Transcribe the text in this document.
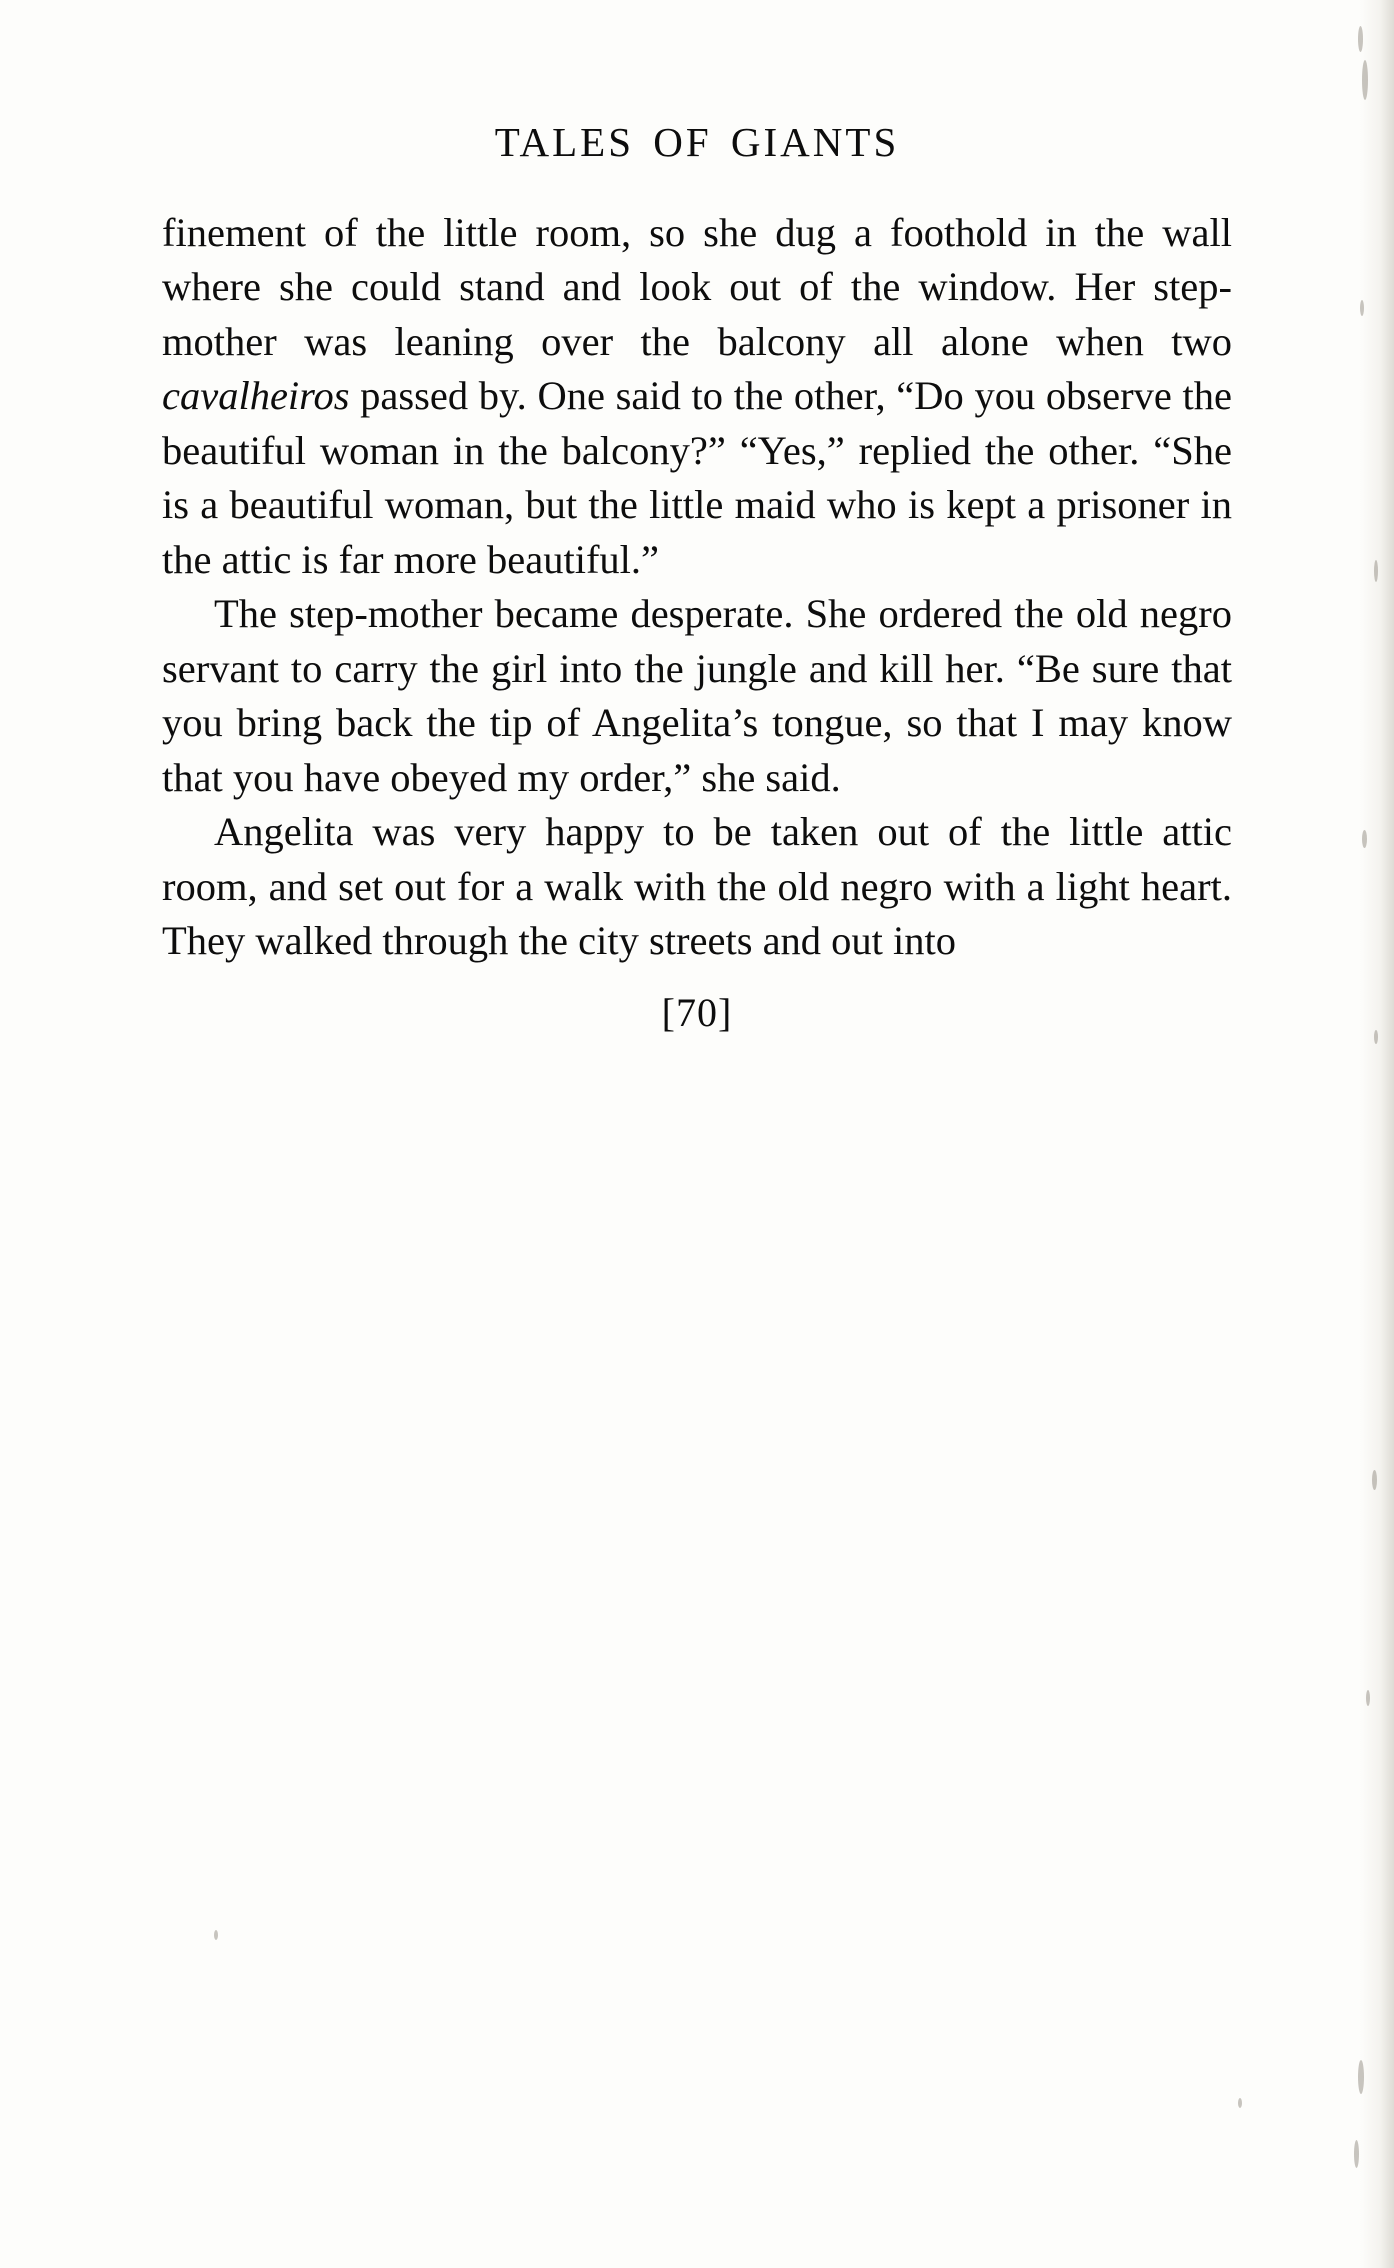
TALES OF GIANTS

finement of the little room, so she dug a foothold in the wall where she could stand and look out of the window. Her step-mother was leaning over the balcony all alone when two cavalheiros passed by. One said to the other, “Do you observe the beautiful woman in the balcony?” “Yes,” replied the other. “She is a beautiful woman, but the little maid who is kept a prisoner in the attic is far more beautiful.”

The step-mother became desperate. She ordered the old negro servant to carry the girl into the jungle and kill her. “Be sure that you bring back the tip of Angelita’s tongue, so that I may know that you have obeyed my order,” she said.

Angelita was very happy to be taken out of the little attic room, and set out for a walk with the old negro with a light heart. They walked through the city streets and out into

[70]
